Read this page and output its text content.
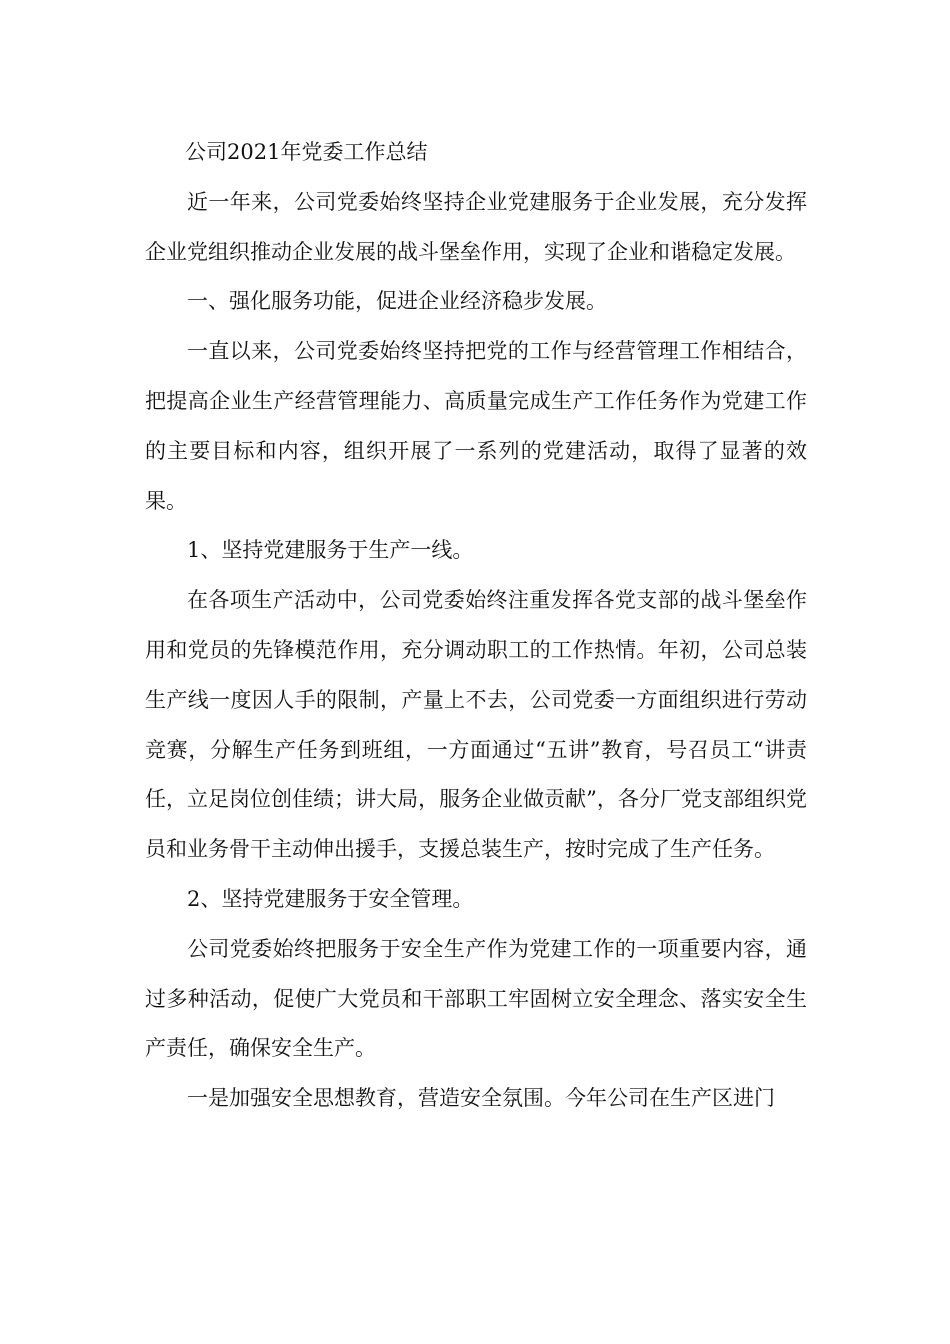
公司2021年党委工作总结

近一年来，公司党委始终坚持企业党建服务于企业发展，充分发挥企业党组织推动企业发展的战斗堡垒作用，实现了企业和谐稳定发展。

一、强化服务功能，促进企业经济稳步发展。

一直以来，公司党委始终坚持把党的工作与经营管理工作相结合，把提高企业生产经营管理能力、高质量完成生产工作任务作为党建工作的主要目标和内容，组织开展了一系列的党建活动，取得了显著的效果。

1、坚持党建服务于生产一线。

在各项生产活动中，公司党委始终注重发挥各党支部的战斗堡垒作用和党员的先锋模范作用，充分调动职工的工作热情。年初，公司总装生产线一度因人手的限制，产量上不去，公司党委一方面组织进行劳动竞赛，分解生产任务到班组，一方面通过“五讲”教育，号召员工“讲责任，立足岗位创佳绩；讲大局，服务企业做贡献”，各分厂党支部组织党员和业务骨干主动伸出援手，支援总装生产，按时完成了生产任务。

2、坚持党建服务于安全管理。

公司党委始终把服务于安全生产作为党建工作的一项重要内容，通过多种活动，促使广大党员和干部职工牢固树立安全理念、落实安全生产责任，确保安全生产。

一是加强安全思想教育，营造安全氛围。今年公司在生产区进门
